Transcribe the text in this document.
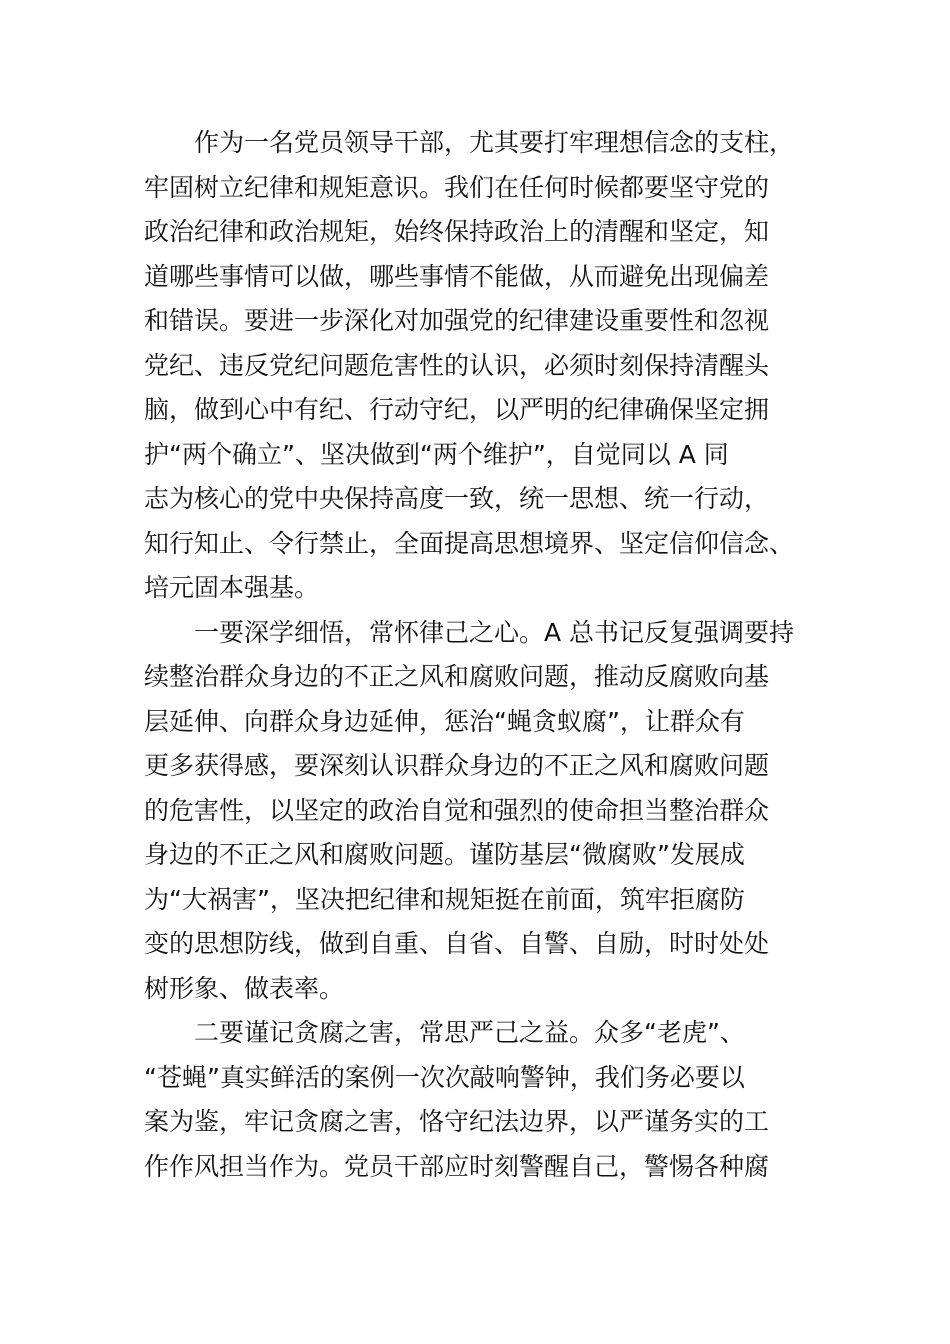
作为一名党员领导干部，尤其要打牢理想信念的支柱，
牢固树立纪律和规矩意识。我们在任何时候都要坚守党的
政治纪律和政治规矩，始终保持政治上的清醒和坚定，知
道哪些事情可以做，哪些事情不能做，从而避免出现偏差
和错误。要进一步深化对加强党的纪律建设重要性和忽视
党纪、违反党纪问题危害性的认识，必须时刻保持清醒头
脑，做到心中有纪、行动守纪，以严明的纪律确保坚定拥
护“两个确立”、坚决做到“两个维护”，自觉同以 A 同
志为核心的党中央保持高度一致，统一思想、统一行动，
知行知止、令行禁止，全面提高思想境界、坚定信仰信念、
培元固本强基。
一要深学细悟，常怀律己之心。A 总书记反复强调要持
续整治群众身边的不正之风和腐败问题，推动反腐败向基
层延伸、向群众身边延伸，惩治“蝇贪蚁腐”，让群众有
更多获得感，要深刻认识群众身边的不正之风和腐败问题
的危害性，以坚定的政治自觉和强烈的使命担当整治群众
身边的不正之风和腐败问题。谨防基层“微腐败”发展成
为“大祸害”，坚决把纪律和规矩挺在前面，筑牢拒腐防
变的思想防线，做到自重、自省、自警、自励，时时处处
树形象、做表率。
二要谨记贪腐之害，常思严己之益。众多“老虎”、
“苍蝇”真实鲜活的案例一次次敲响警钟，我们务必要以
案为鉴，牢记贪腐之害，恪守纪法边界，以严谨务实的工
作作风担当作为。党员干部应时刻警醒自己，警惕各种腐
